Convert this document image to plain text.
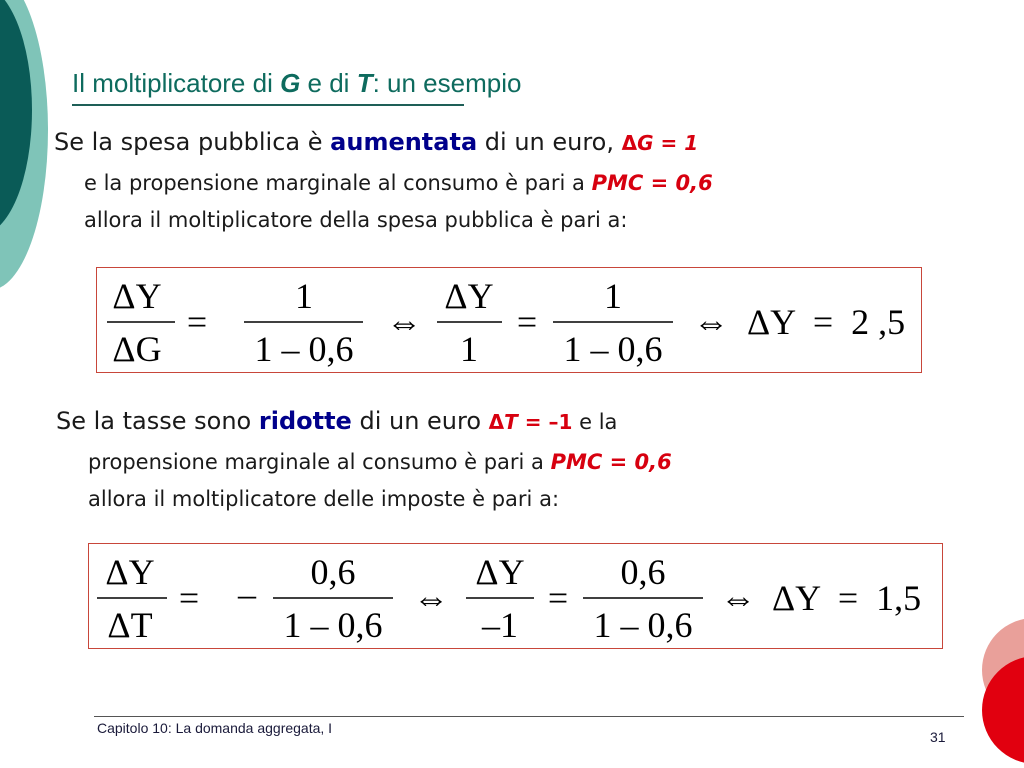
Il moltiplicatore di G e di T: un esempio
Se la spesa pubblica è aumentata di un euro, ΔG = 1
e la propensione marginale al consumo è pari a PMC = 0,6
allora il moltiplicatore della spesa pubblica è pari a:
ΔY
ΔG
=
1
1 – 0,6
⇔
ΔY
1
=
1
1 – 0,6
⇔ ΔY  =  2 ,5
Se la tasse sono ridotte di un euro ΔT = –1 e la
propensione marginale al consumo è pari a PMC = 0,6
allora il moltiplicatore delle imposte è pari a:
ΔY
ΔT
= –
0,6
1 – 0,6
⇔
ΔY
–1
=
0,6
1 – 0,6
⇔ ΔY  =  1,5
Capitolo 10: La domanda aggregata, I
31
